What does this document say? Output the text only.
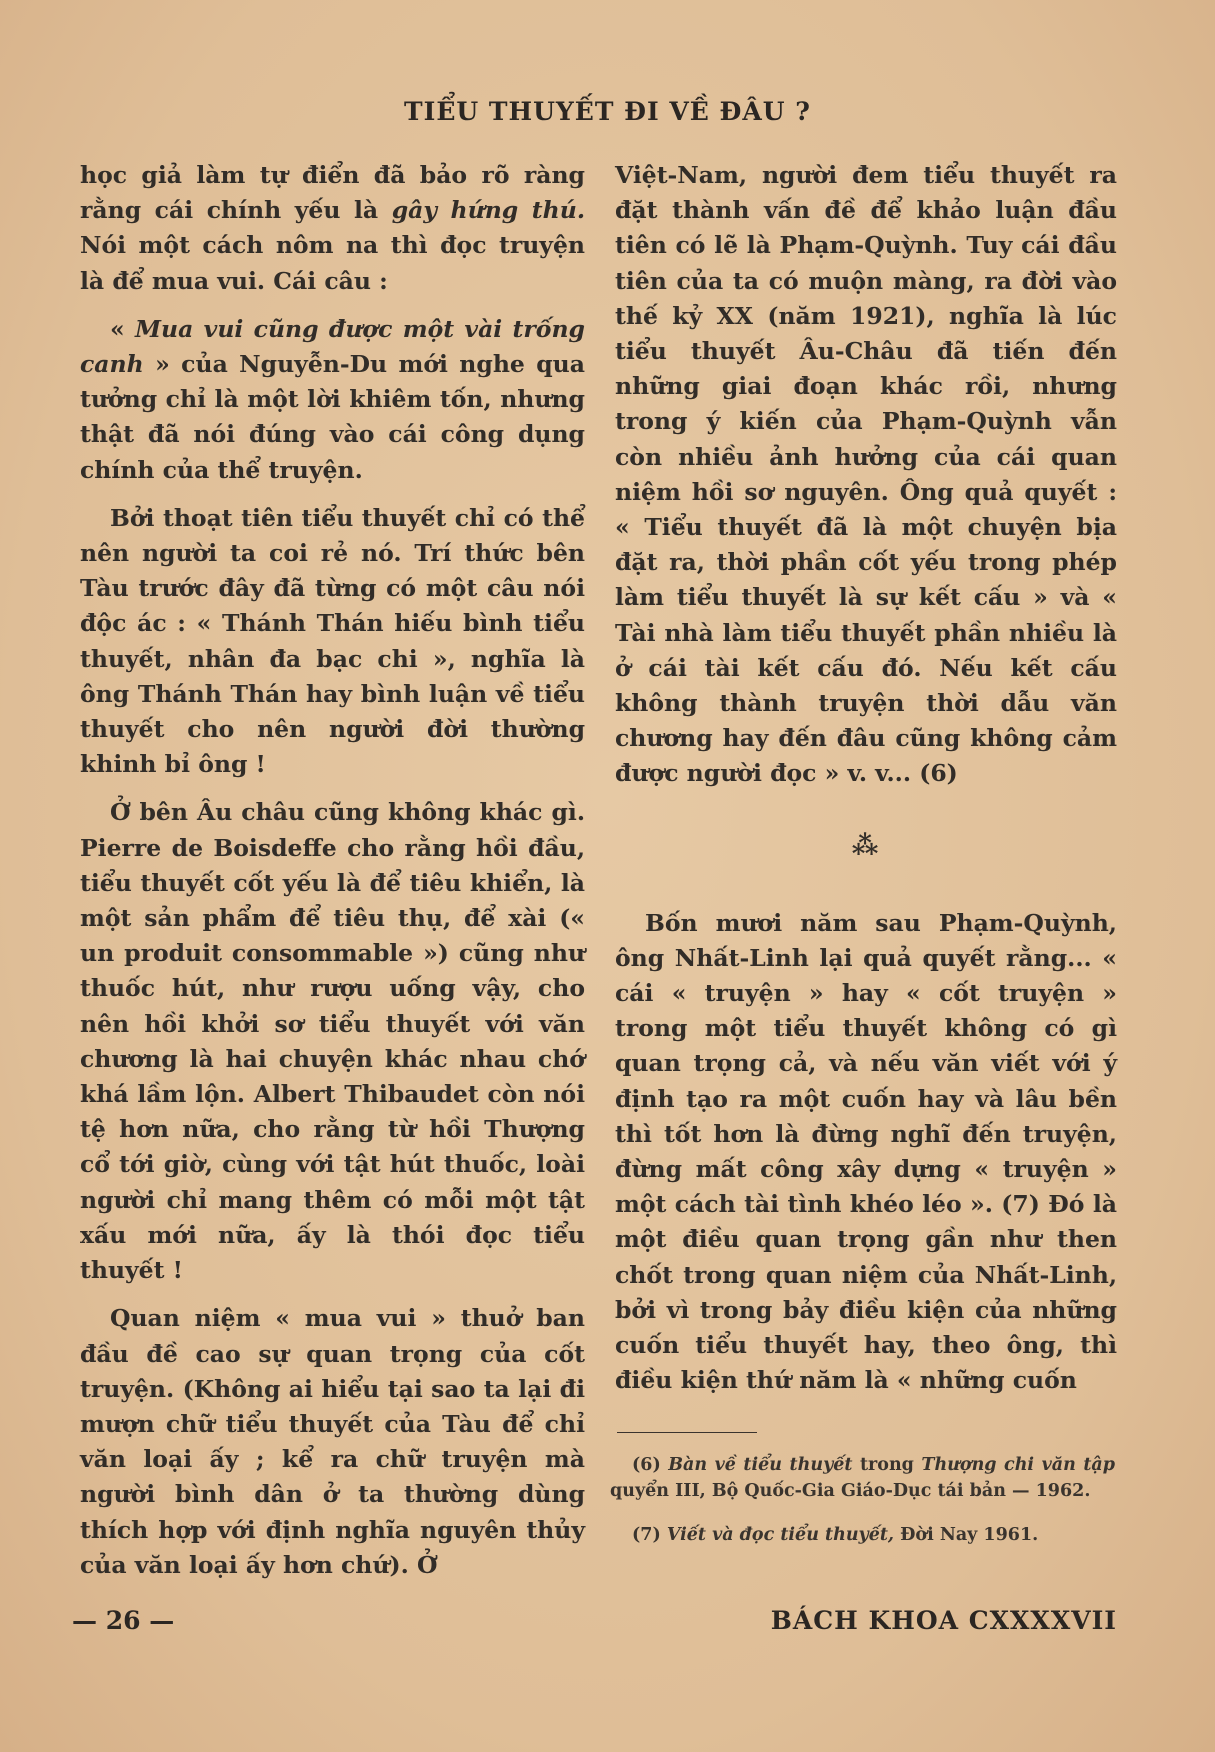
TIỂU THUYẾT ĐI VỀ ĐÂU ?

học giả làm tự điển đã bảo rõ ràng rằng cái chính yếu là gây hứng thú. Nói một cách nôm na thì đọc truyện là để mua vui. Cái câu :

« Mua vui cũng được một vài trống canh » của Nguyễn-Du mới nghe qua tưởng chỉ là một lời khiêm tốn, nhưng thật đã nói đúng vào cái công dụng chính của thể truyện.

Bởi thoạt tiên tiểu thuyết chỉ có thể nên người ta coi rẻ nó. Trí thức bên Tàu trước đây đã từng có một câu nói độc ác : « Thánh Thán hiếu bình tiểu thuyết, nhân đa bạc chi », nghĩa là ông Thánh Thán hay bình luận về tiểu thuyết cho nên người đời thường khinh bỉ ông !

Ở bên Âu châu cũng không khác gì. Pierre de Boisdeffe cho rằng hồi đầu, tiểu thuyết cốt yếu là để tiêu khiển, là một sản phẩm để tiêu thụ, để xài (« un produit consommable ») cũng như thuốc hút, như rượu uống vậy, cho nên hồi khởi sơ tiểu thuyết với văn chương là hai chuyện khác nhau chớ khá lầm lộn. Albert Thibaudet còn nói tệ hơn nữa, cho rằng từ hồi Thượng cổ tới giờ, cùng với tật hút thuốc, loài người chỉ mang thêm có mỗi một tật xấu mới nữa, ấy là thói đọc tiểu thuyết !

Quan niệm « mua vui » thuở ban đầu đề cao sự quan trọng của cốt truyện. (Không ai hiểu tại sao ta lại đi mượn chữ tiểu thuyết của Tàu để chỉ văn loại ấy ; kể ra chữ truyện mà người bình dân ở ta thường dùng thích hợp với định nghĩa nguyên thủy của văn loại ấy hơn chứ). Ở

Việt-Nam, người đem tiểu thuyết ra đặt thành vấn đề để khảo luận đầu tiên có lẽ là Phạm-Quỳnh. Tuy cái đầu tiên của ta có muộn màng, ra đời vào thế kỷ XX (năm 1921), nghĩa là lúc tiểu thuyết Âu-Châu đã tiến đến những giai đoạn khác rồi, nhưng trong ý kiến của Phạm-Quỳnh vẫn còn nhiều ảnh hưởng của cái quan niệm hồi sơ nguyên. Ông quả quyết : « Tiểu thuyết đã là một chuyện bịa đặt ra, thời phần cốt yếu trong phép làm tiểu thuyết là sự kết cấu » và « Tài nhà làm tiểu thuyết phần nhiều là ở cái tài kết cấu đó. Nếu kết cấu không thành truyện thời dẫu văn chương hay đến đâu cũng không cảm được người đọc » v. v... (6)

⁂

Bốn mươi năm sau Phạm-Quỳnh, ông Nhất-Linh lại quả quyết rằng... « cái « truyện » hay « cốt truyện » trong một tiểu thuyết không có gì quan trọng cả, và nếu văn viết với ý định tạo ra một cuốn hay và lâu bền thì tốt hơn là đừng nghĩ đến truyện, đừng mất công xây dựng « truyện » một cách tài tình khéo léo ». (7) Đó là một điều quan trọng gần như then chốt trong quan niệm của Nhất-Linh, bởi vì trong bảy điều kiện của những cuốn tiểu thuyết hay, theo ông, thì điều kiện thứ năm là « những cuốn

(6) Bàn về tiểu thuyết trong Thượng chi văn tập quyển III, Bộ Quốc-Gia Giáo-Dục tái bản — 1962.

(7) Viết và đọc tiểu thuyết, Đời Nay 1961.

— 26 —	BÁCH KHOA CXXXXVII
